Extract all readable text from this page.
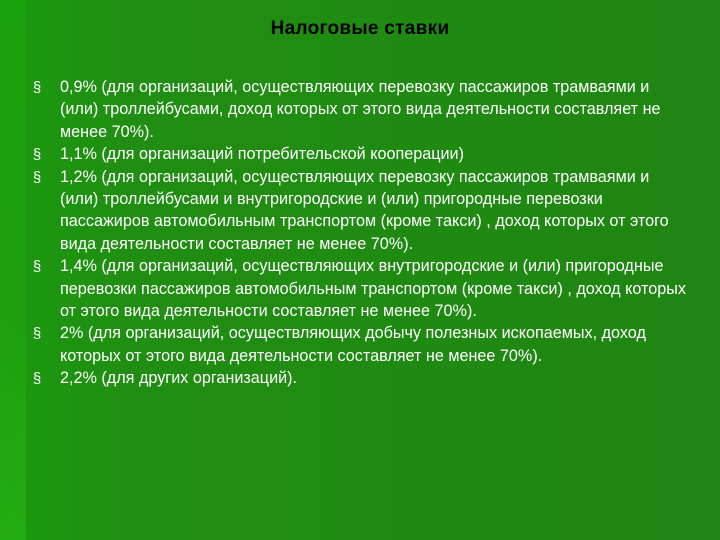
Налоговые ставки
§ 0,9% (для организаций, осуществляющих перевозку пассажиров трамваями и (или) троллейбусами, доход которых от этого вида деятельности составляет не менее 70%).
§ 1,1% (для организаций потребительской кооперации)
§ 1,2% (для организаций, осуществляющих перевозку пассажиров трамваями и (или) троллейбусами и внутригородские и (или) пригородные перевозки пассажиров автомобильным транспортом (кроме такси) , доход которых от этого вида деятельности составляет не менее 70%).
§ 1,4% (для организаций, осуществляющих внутригородские и (или) пригородные перевозки пассажиров автомобильным транспортом (кроме такси) , доход которых от этого вида деятельности составляет не менее 70%).
§ 2% (для организаций, осуществляющих добычу полезных ископаемых, доход которых от этого вида деятельности составляет не менее 70%).
§ 2,2% (для других организаций).
